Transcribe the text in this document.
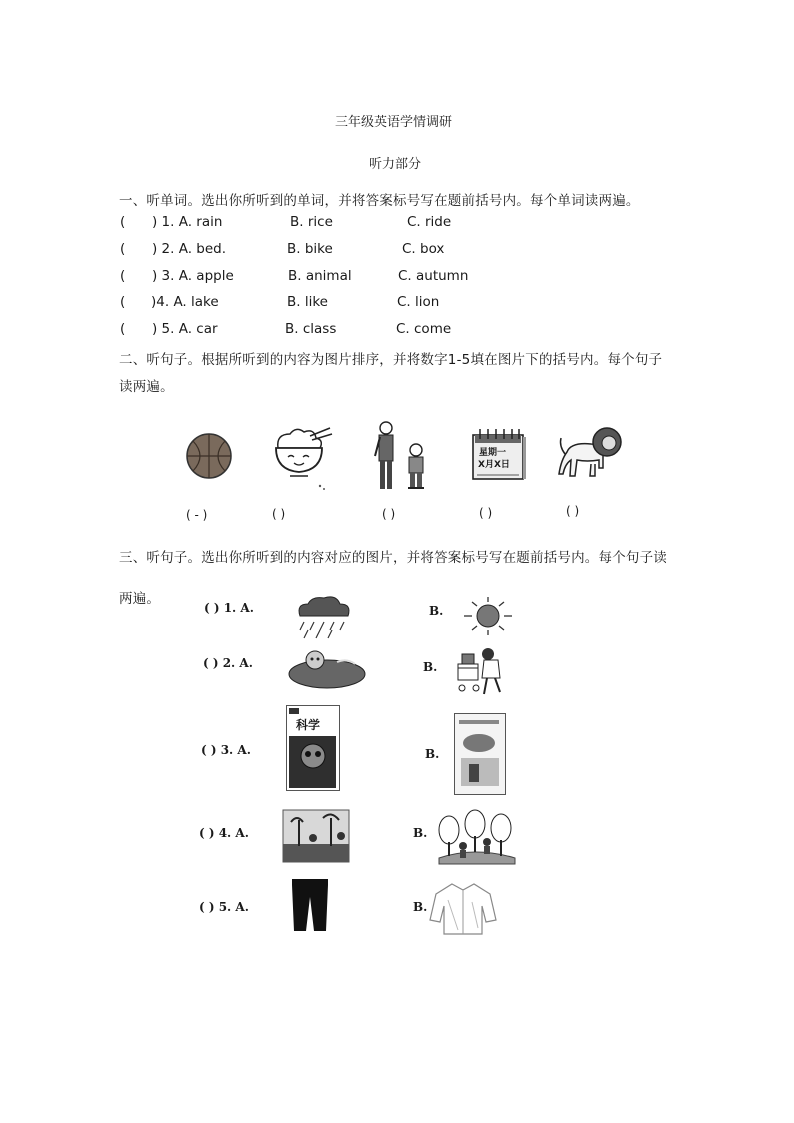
三年级英语学情调研
听力部分
一、听单词。选出你所听到的单词，并将答案标号写在题前括号内。每个单词读两遍。
( ) 1. A. rain	B. rice	C. ride
( ) 2. A. bed.	B. bike	C. box
( ) 3. A. apple	B. animal	C. autumn
( )4. A. lake	B. like	C. lion
( ) 5. A. car	B. class	C. come
二、听句子。根据所听到的内容为图片排序，并将数字1-5填在图片下的括号内。每个句子
读两遍。
星期一
X月X日
( - )	( )	( )	( )	( )
三、听句子。选出你所听到的内容对应的图片，并将答案标号写在题前括号内。每个句子读
两遍。
( ) 1. A.	B.
( ) 2. A.	B.
( ) 3. A.
科学
B.
( ) 4. A.	B.
( ) 5. A.	B.
